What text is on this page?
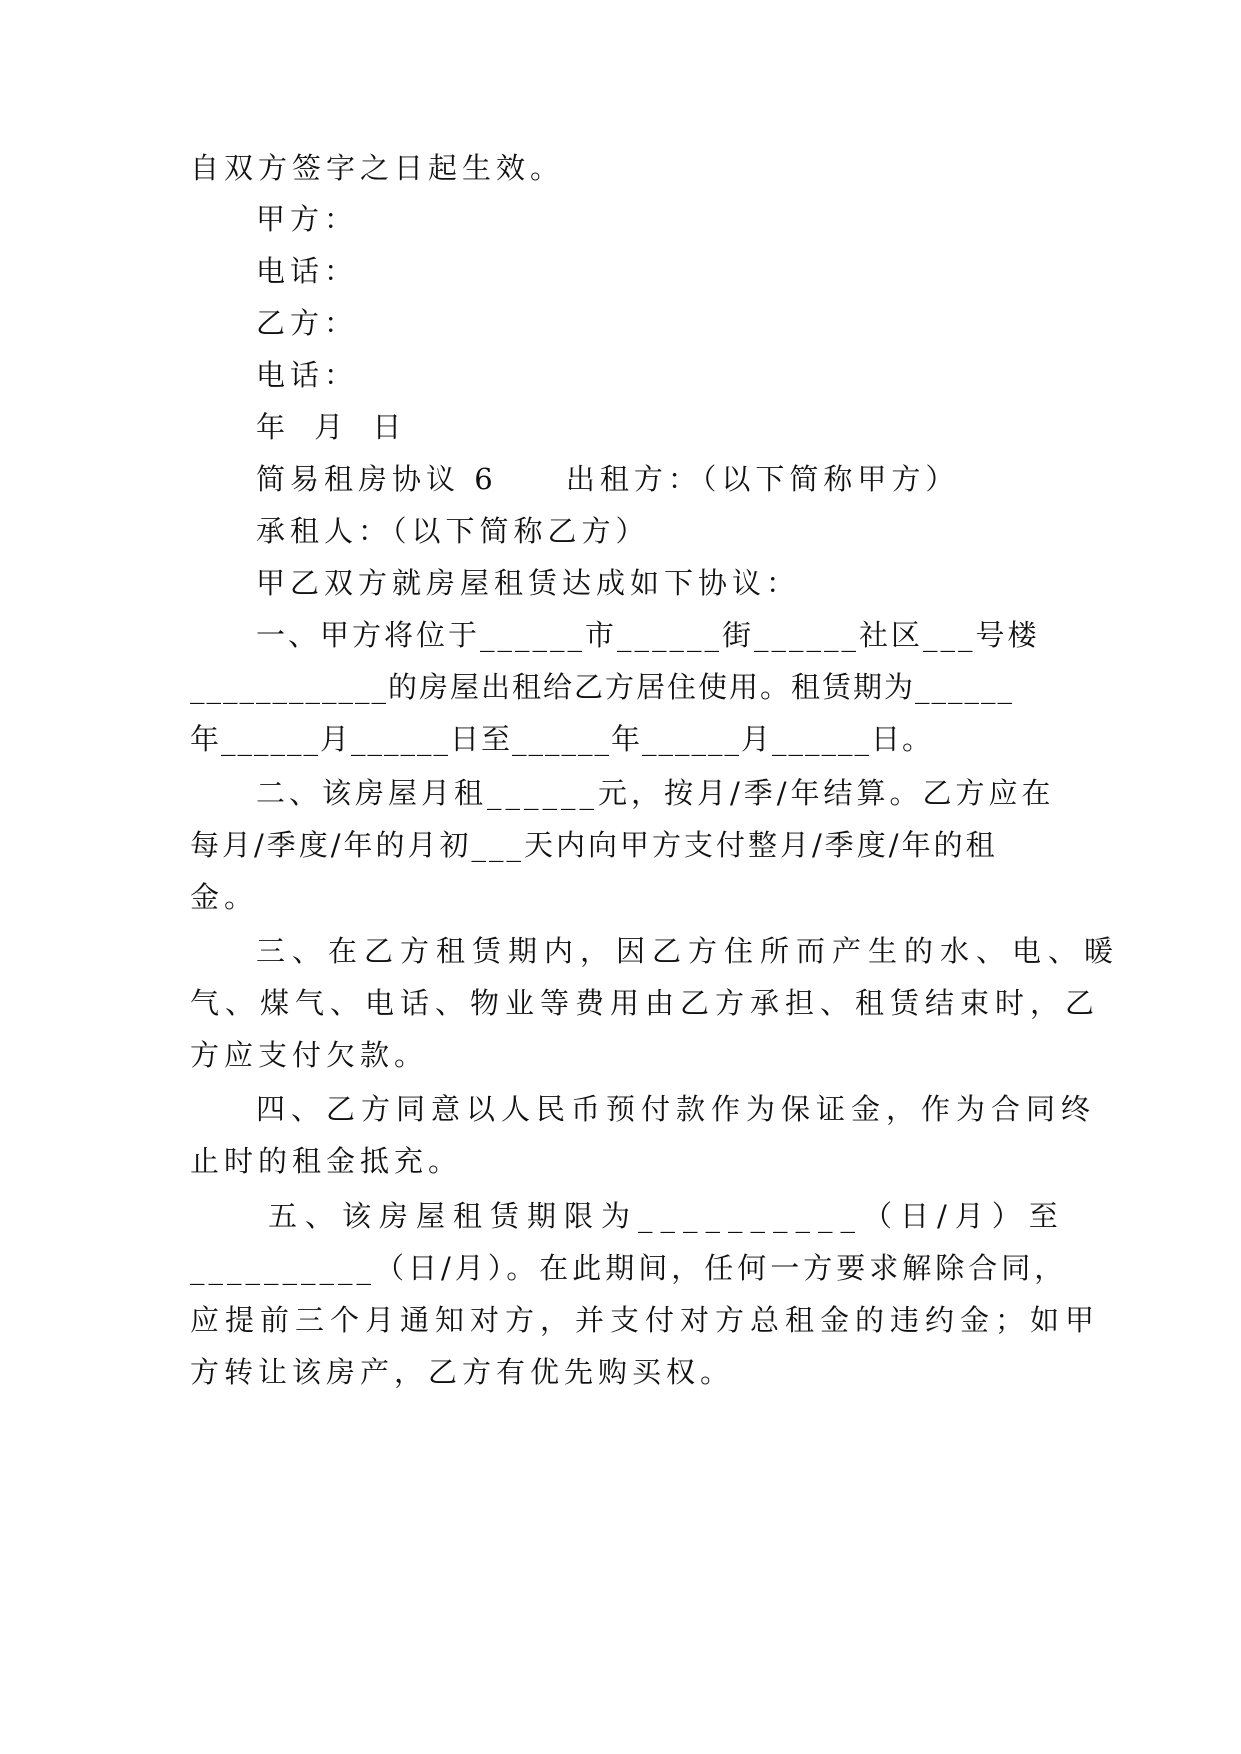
自双方签字之日起生效。

甲方：

电话：

乙方：

电话：

年 月 日

简易租房协议 6 出租方：（以下简称甲方）

承租人：（以下简称乙方）

甲乙双方就房屋租赁达成如下协议：

一、甲方将位于______市______街______社区___号楼

____________的房屋出租给乙方居住使用。租赁期为______

年______月______日至______年______月______日。

二、该房屋月租______元，按月/季/年结算。乙方应在

每月/季度/年的月初___天内向甲方支付整月/季度/年的租

金。

三、在乙方租赁期内，因乙方住所而产生的水、电、暖

气、煤气、电话、物业等费用由乙方承担、租赁结束时，乙

方应支付欠款。

四、乙方同意以人民币预付款作为保证金，作为合同终

止时的租金抵充。

五、该房屋租赁期限为__________（日/月）至

__________（日/月）。在此期间，任何一方要求解除合同，

应提前三个月通知对方，并支付对方总租金的违约金；如甲

方转让该房产，乙方有优先购买权。
